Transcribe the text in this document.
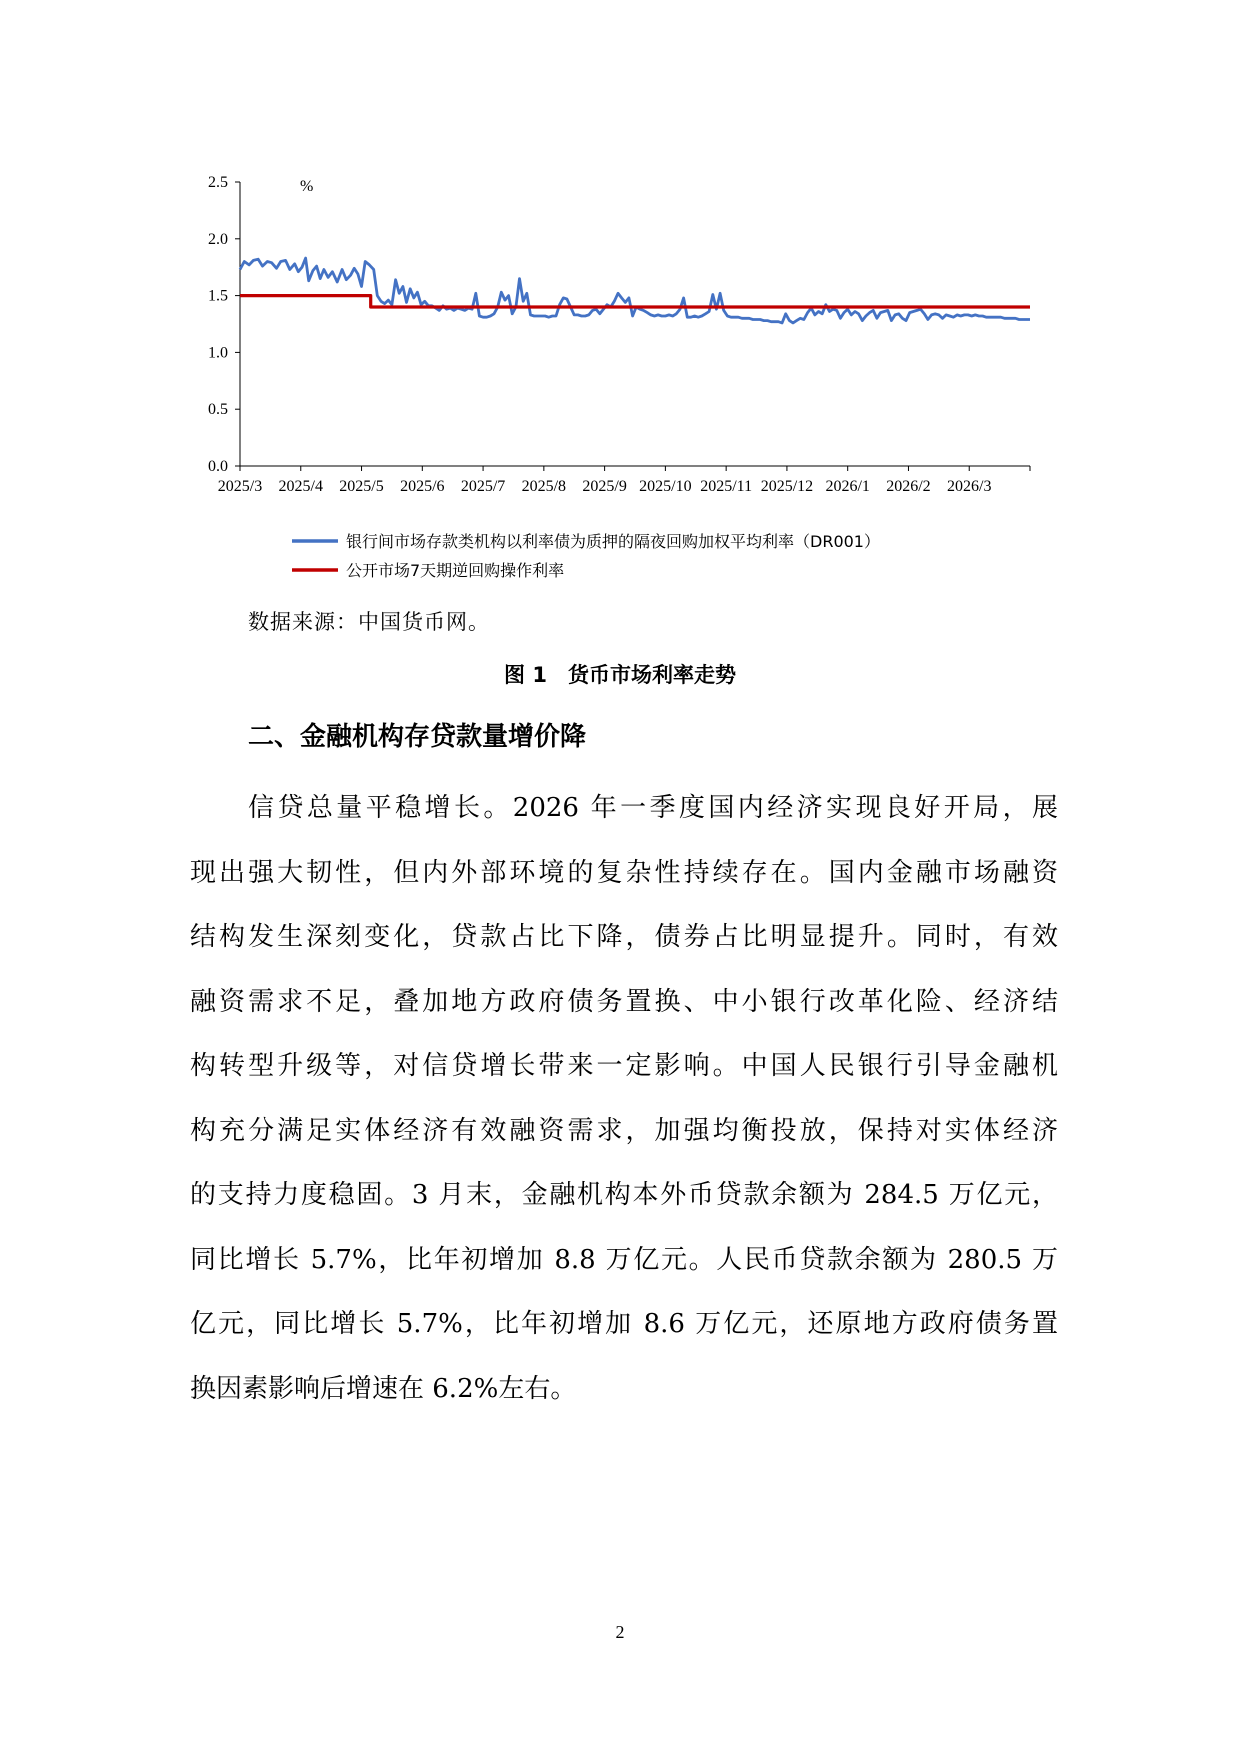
0.0
0.5
1.0
1.5
2.0
2.5
2025/3 2025/4 2025/5 2025/6 2025/7 2025/8 2025/9 2025/10 2025/11 2025/12 2026/1 2026/2 2026/3
%
银行间市场存款类机构以利率债为质押的隔夜回购加权平均利率（DR001）
公开市场7天期逆回购操作利率
数据来源：中国货币网。
图 1　货币市场利率走势
二、金融机构存贷款量增价降
信贷总量平稳增长。2026 年一季度国内经济实现良好开局，展
现出强大韧性，但内外部环境的复杂性持续存在。国内金融市场融资
结构发生深刻变化，贷款占比下降，债券占比明显提升。同时，有效
融资需求不足，叠加地方政府债务置换、中小银行改革化险、经济结
构转型升级等，对信贷增长带来一定影响。中国人民银行引导金融机
构充分满足实体经济有效融资需求，加强均衡投放，保持对实体经济
的支持力度稳固。3 月末，金融机构本外币贷款余额为 284.5 万亿元，
同比增长 5.7%，比年初增加 8.8 万亿元。人民币贷款余额为 280.5 万
亿元，同比增长 5.7%，比年初增加 8.6 万亿元，还原地方政府债务置
换因素影响后增速在 6.2%左右。
2
